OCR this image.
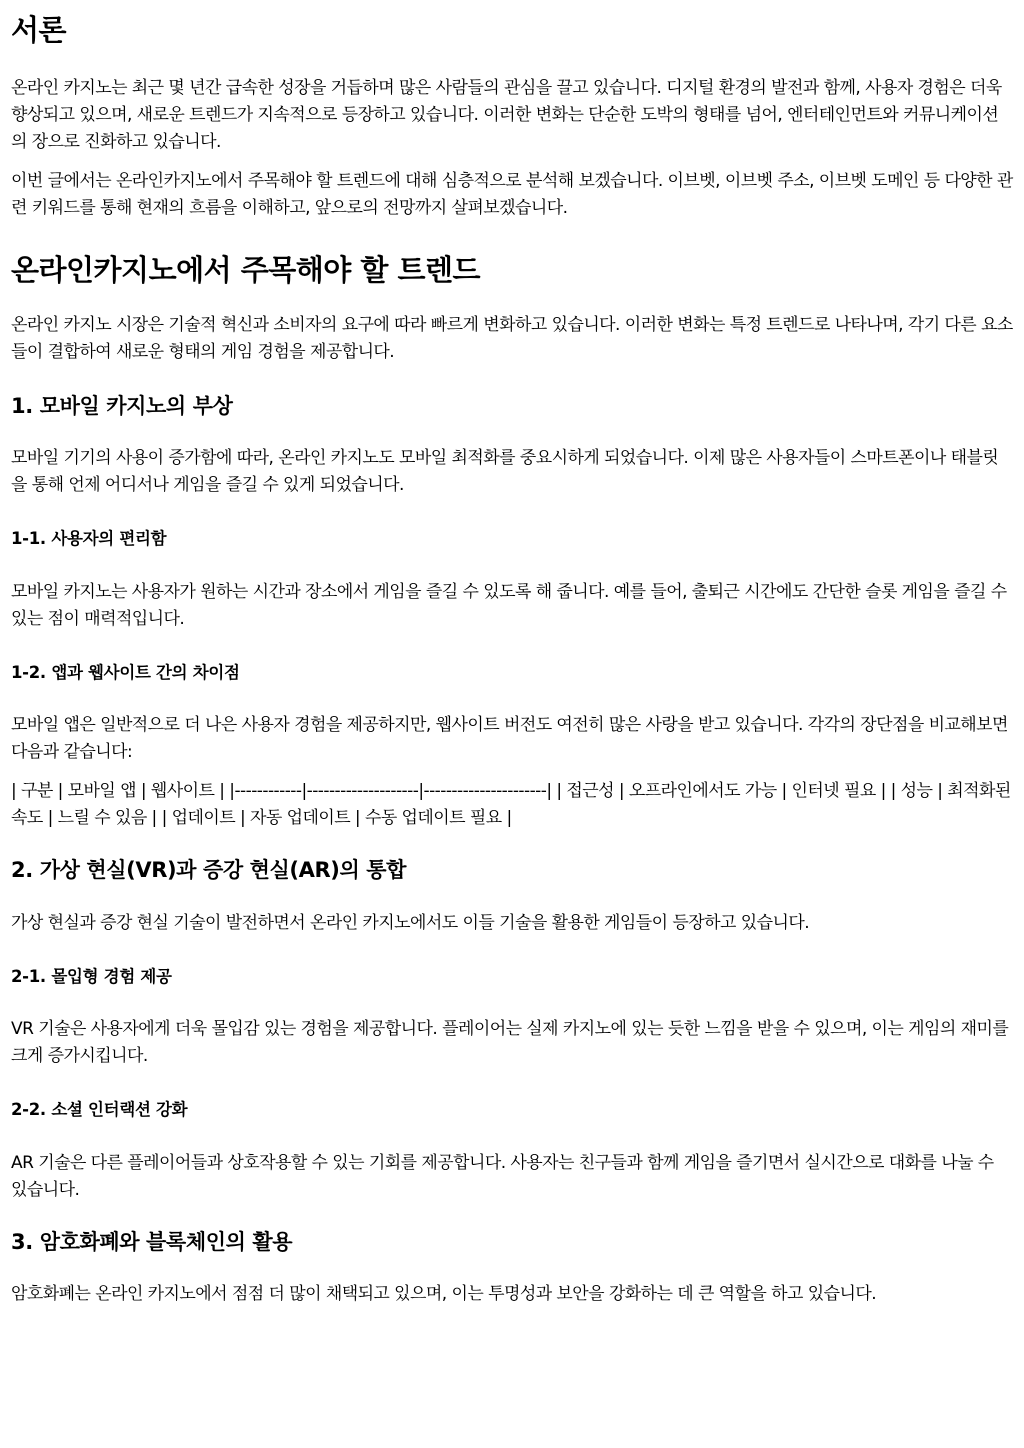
서론

온라인 카지노는 최근 몇 년간 급속한 성장을 거듭하며 많은 사람들의 관심을 끌고 있습니다. 디지털 환경의 발전과 함께, 사용자 경험은 더욱 향상되고 있으며, 새로운 트렌드가 지속적으로 등장하고 있습니다. 이러한 변화는 단순한 도박의 형태를 넘어, 엔터테인먼트와 커뮤니케이션의 장으로 진화하고 있습니다.

이번 글에서는 온라인카지노에서 주목해야 할 트렌드에 대해 심층적으로 분석해 보겠습니다. 이브벳, 이브벳 주소, 이브벳 도메인 등 다양한 관련 키워드를 통해 현재의 흐름을 이해하고, 앞으로의 전망까지 살펴보겠습니다.

온라인카지노에서 주목해야 할 트렌드

온라인 카지노 시장은 기술적 혁신과 소비자의 요구에 따라 빠르게 변화하고 있습니다. 이러한 변화는 특정 트렌드로 나타나며, 각기 다른 요소들이 결합하여 새로운 형태의 게임 경험을 제공합니다.

1. 모바일 카지노의 부상

모바일 기기의 사용이 증가함에 따라, 온라인 카지노도 모바일 최적화를 중요시하게 되었습니다. 이제 많은 사용자들이 스마트폰이나 태블릿을 통해 언제 어디서나 게임을 즐길 수 있게 되었습니다.

1-1. 사용자의 편리함

모바일 카지노는 사용자가 원하는 시간과 장소에서 게임을 즐길 수 있도록 해 줍니다. 예를 들어, 출퇴근 시간에도 간단한 슬롯 게임을 즐길 수 있는 점이 매력적입니다.

1-2. 앱과 웹사이트 간의 차이점

모바일 앱은 일반적으로 더 나은 사용자 경험을 제공하지만, 웹사이트 버전도 여전히 많은 사랑을 받고 있습니다. 각각의 장단점을 비교해보면 다음과 같습니다:

| 구분 | 모바일 앱 | 웹사이트 | |------------|--------------------|----------------------| | 접근성 | 오프라인에서도 가능 | 인터넷 필요 | | 성능 | 최적화된 속도 | 느릴 수 있음 | | 업데이트 | 자동 업데이트 | 수동 업데이트 필요 |

2. 가상 현실(VR)과 증강 현실(AR)의 통합

가상 현실과 증강 현실 기술이 발전하면서 온라인 카지노에서도 이들 기술을 활용한 게임들이 등장하고 있습니다.

2-1. 몰입형 경험 제공

VR 기술은 사용자에게 더욱 몰입감 있는 경험을 제공합니다. 플레이어는 실제 카지노에 있는 듯한 느낌을 받을 수 있으며, 이는 게임의 재미를 크게 증가시킵니다.

2-2. 소셜 인터랙션 강화

AR 기술은 다른 플레이어들과 상호작용할 수 있는 기회를 제공합니다. 사용자는 친구들과 함께 게임을 즐기면서 실시간으로 대화를 나눌 수 있습니다.

3. 암호화폐와 블록체인의 활용

암호화폐는 온라인 카지노에서 점점 더 많이 채택되고 있으며, 이는 투명성과 보안을 강화하는 데 큰 역할을 하고 있습니다.
